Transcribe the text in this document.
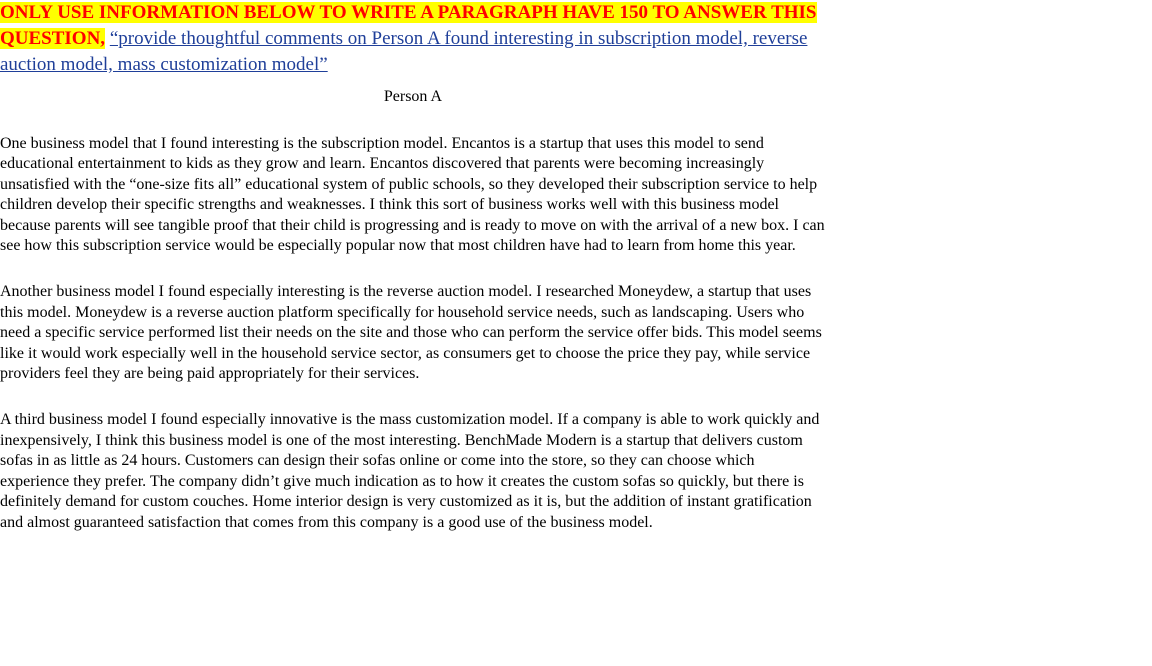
ONLY USE INFORMATION BELOW TO WRITE A PARAGRAPH HAVE 150 TO ANSWER THIS QUESTION, “provide thoughtful comments on Person A found interesting in subscription model, reverse auction model, mass customization model”

Person A

One business model that I found interesting is the subscription model. Encantos is a startup that uses this model to send educational entertainment to kids as they grow and learn. Encantos discovered that parents were becoming increasingly unsatisfied with the “one-size fits all” educational system of public schools, so they developed their subscription service to help children develop their specific strengths and weaknesses. I think this sort of business works well with this business model because parents will see tangible proof that their child is progressing and is ready to move on with the arrival of a new box. I can see how this subscription service would be especially popular now that most children have had to learn from home this year.

Another business model I found especially interesting is the reverse auction model. I researched Moneydew, a startup that uses this model. Moneydew is a reverse auction platform specifically for household service needs, such as landscaping. Users who need a specific service performed list their needs on the site and those who can perform the service offer bids. This model seems like it would work especially well in the household service sector, as consumers get to choose the price they pay, while service providers feel they are being paid appropriately for their services.

A third business model I found especially innovative is the mass customization model. If a company is able to work quickly and inexpensively, I think this business model is one of the most interesting. BenchMade Modern is a startup that delivers custom sofas in as little as 24 hours. Customers can design their sofas online or come into the store, so they can choose which experience they prefer. The company didn’t give much indication as to how it creates the custom sofas so quickly, but there is definitely demand for custom couches. Home interior design is very customized as it is, but the addition of instant gratification and almost guaranteed satisfaction that comes from this company is a good use of the business model.
